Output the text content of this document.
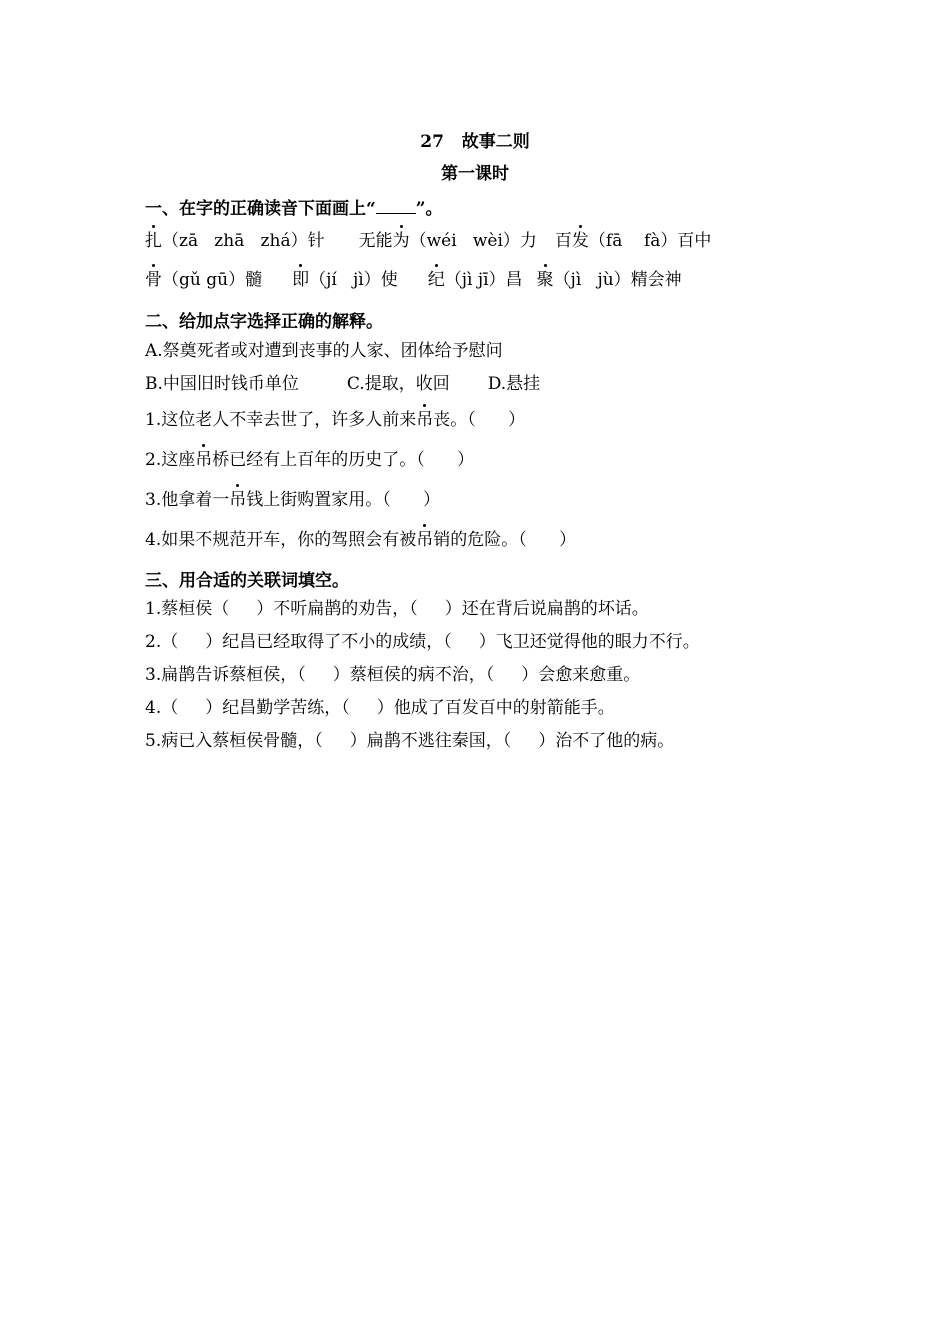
27   故事二则
第一课时
一、在字的正确读音下面画上“ ”。
扎（zā   zhā   zhá）针 无能为（wéi   wèi）力 百发（fā    fà）百中
骨（gǔ gū）髓 即（jí   jì）使 纪（jì jī）昌 聚（jì   jù）精会神
二、给加点字选择正确的解释。
A.祭奠死者或对遭到丧事的人家、团体给予慰问
B.中国旧时钱币单位	C.提取，收回 D.悬挂
1.这位老人不幸去世了，许多人前来吊丧。（      ）
2.这座吊桥已经有上百年的历史了。（      ）
3.他拿着一吊钱上街购置家用。（      ）
4.如果不规范开车，你的驾照会有被吊销的危险。（      ）
三、用合适的关联词填空。
1.蔡桓侯（     ）不听扁鹊的劝告，（     ）还在背后说扁鹊的坏话。
2.（     ）纪昌已经取得了不小的成绩，（     ）飞卫还觉得他的眼力不行。
3.扁鹊告诉蔡桓侯，（     ）蔡桓侯的病不治，（     ）会愈来愈重。
4.（     ）纪昌勤学苦练，（     ）他成了百发百中的射箭能手。
5.病已入蔡桓侯骨髓，（     ）扁鹊不逃往秦国，（     ）治不了他的病。
